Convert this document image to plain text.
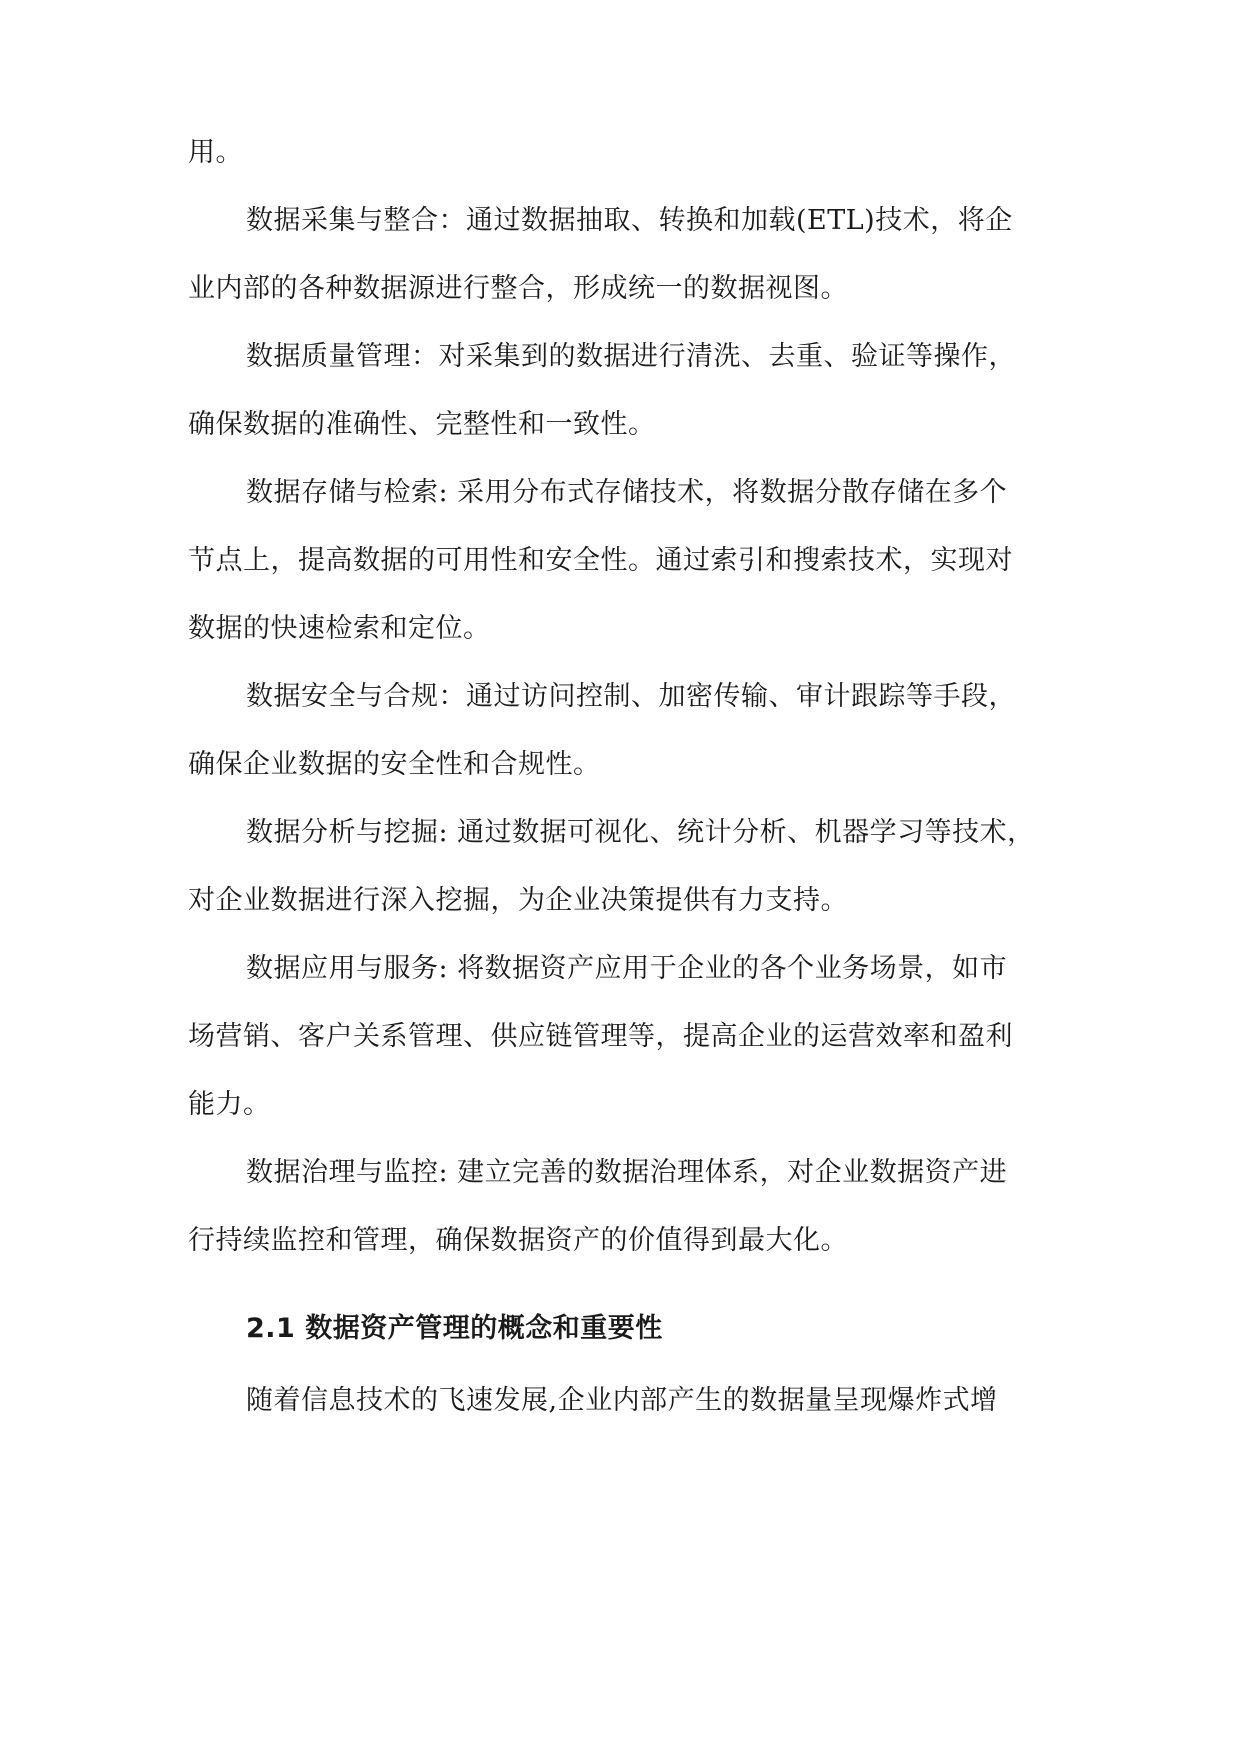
用。
数据采集与整合：通过数据抽取、转换和加载(ETL)技术，将企
业内部的各种数据源进行整合，形成统一的数据视图。
数据质量管理：对采集到的数据进行清洗、去重、验证等操作，
确保数据的准确性、完整性和一致性。
数据存储与检索: 采用分布式存储技术，将数据分散存储在多个
节点上，提高数据的可用性和安全性。通过索引和搜索技术，实现对
数据的快速检索和定位。
数据安全与合规：通过访问控制、加密传输、审计跟踪等手段，
确保企业数据的安全性和合规性。
数据分析与挖掘: 通过数据可视化、统计分析、机器学习等技术，
对企业数据进行深入挖掘，为企业决策提供有力支持。
数据应用与服务: 将数据资产应用于企业的各个业务场景，如市
场营销、客户关系管理、供应链管理等，提高企业的运营效率和盈利
能力。
数据治理与监控: 建立完善的数据治理体系，对企业数据资产进
行持续监控和管理，确保数据资产的价值得到最大化。
2.1 数据资产管理的概念和重要性
随着信息技术的飞速发展,企业内部产生的数据量呈现爆炸式增
